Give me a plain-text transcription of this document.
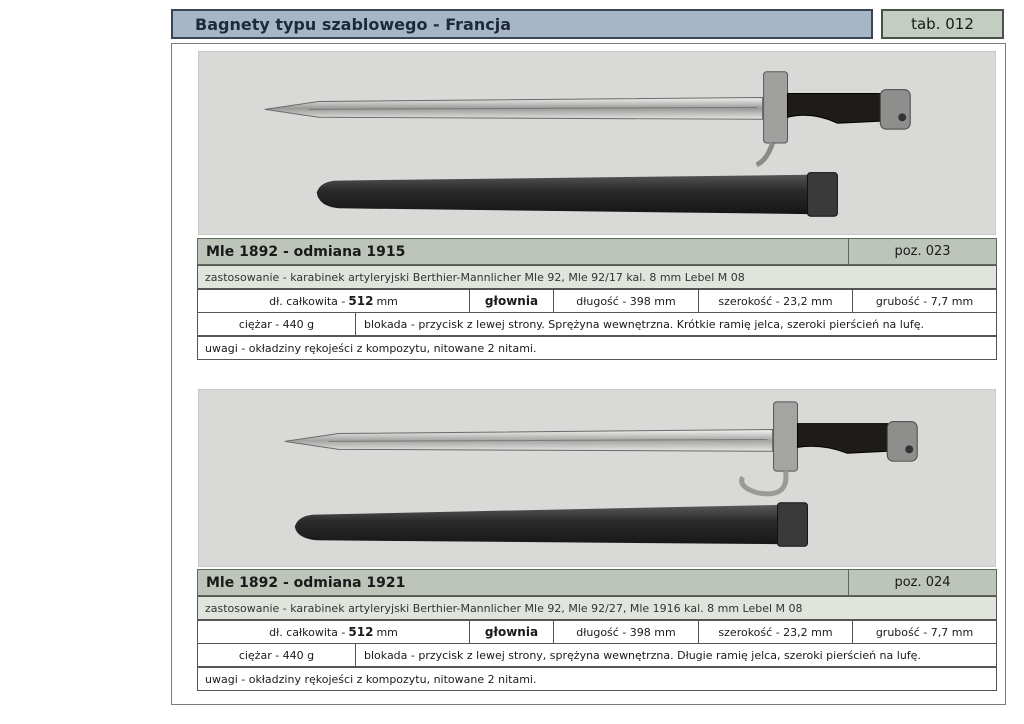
Bagnety typu szablowego - Francja	tab. 012
Mle 1892 - odmiana 1915	poz. 023
zastosowanie - karabinek artyleryjski Berthier-Mannlicher Mle 92, Mle 92/17 kal. 8 mm Lebel M 08
dł. całkowita - 512 mm	głownia	długość - 398 mm	szerokość - 23,2 mm	grubość - 7,7 mm
ciężar - 440 g	blokada - przycisk z lewej strony. Sprężyna wewnętrzna. Krótkie ramię jelca, szeroki pierścień na lufę.
uwagi - okładziny rękojeści z kompozytu, nitowane 2 nitami.
Mle 1892 - odmiana 1921	poz. 024
zastosowanie - karabinek artyleryjski Berthier-Mannlicher Mle 92, Mle 92/27, Mle 1916 kal. 8 mm Lebel M 08
dł. całkowita - 512 mm	głownia	długość - 398 mm	szerokość - 23,2 mm	grubość - 7,7 mm
ciężar - 440 g	blokada - przycisk z lewej strony, sprężyna wewnętrzna. Długie ramię jelca, szeroki pierścień na lufę.
uwagi - okładziny rękojeści z kompozytu, nitowane 2 nitami.
